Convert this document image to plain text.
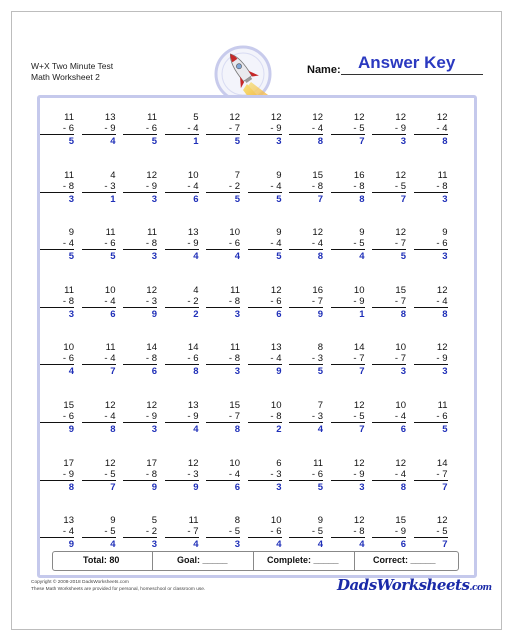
W+X Two Minute Test
Math Worksheet 2
Name: Answer Key
11
- 6
5
13
- 9
4
11
- 6
5
5
- 4
1
12
- 7
5
12
- 9
3
12
- 4
8
12
- 5
7
12
- 9
3
12
- 4
8
11
- 8
3
4
- 3
1
12
- 9
3
10
- 4
6
7
- 2
5
9
- 4
5
15
- 8
7
16
- 8
8
12
- 5
7
11
- 8
3
9
- 4
5
11
- 6
5
11
- 8
3
13
- 9
4
10
- 6
4
9
- 4
5
12
- 4
8
9
- 5
4
12
- 7
5
9
- 6
3
11
- 8
3
10
- 4
6
12
- 3
9
4
- 2
2
11
- 8
3
12
- 6
6
16
- 7
9
10
- 9
1
15
- 7
8
12
- 4
8
10
- 6
4
11
- 4
7
14
- 8
6
14
- 6
8
11
- 8
3
13
- 4
9
8
- 3
5
14
- 7
7
10
- 7
3
12
- 9
3
15
- 6
9
12
- 4
8
12
- 9
3
13
- 9
4
15
- 7
8
10
- 8
2
7
- 3
4
12
- 5
7
10
- 4
6
11
- 6
5
17
- 9
8
12
- 5
7
17
- 8
9
12
- 3
9
10
- 4
6
6
- 3
3
11
- 6
5
12
- 9
3
12
- 4
8
14
- 7
7
13
- 4
9
9
- 5
4
5
- 2
3
11
- 7
4
8
- 5
3
10
- 6
4
9
- 5
4
12
- 8
4
15
- 9
6
12
- 5
7
Total: 80	Goal: _____	Complete: _____	Correct: _____
Copyright © 2008-2018 DadsWorksheets.com
These Math Worksheets are provided for personal, homeschool or classroom use.	DadsWorksheets.com
